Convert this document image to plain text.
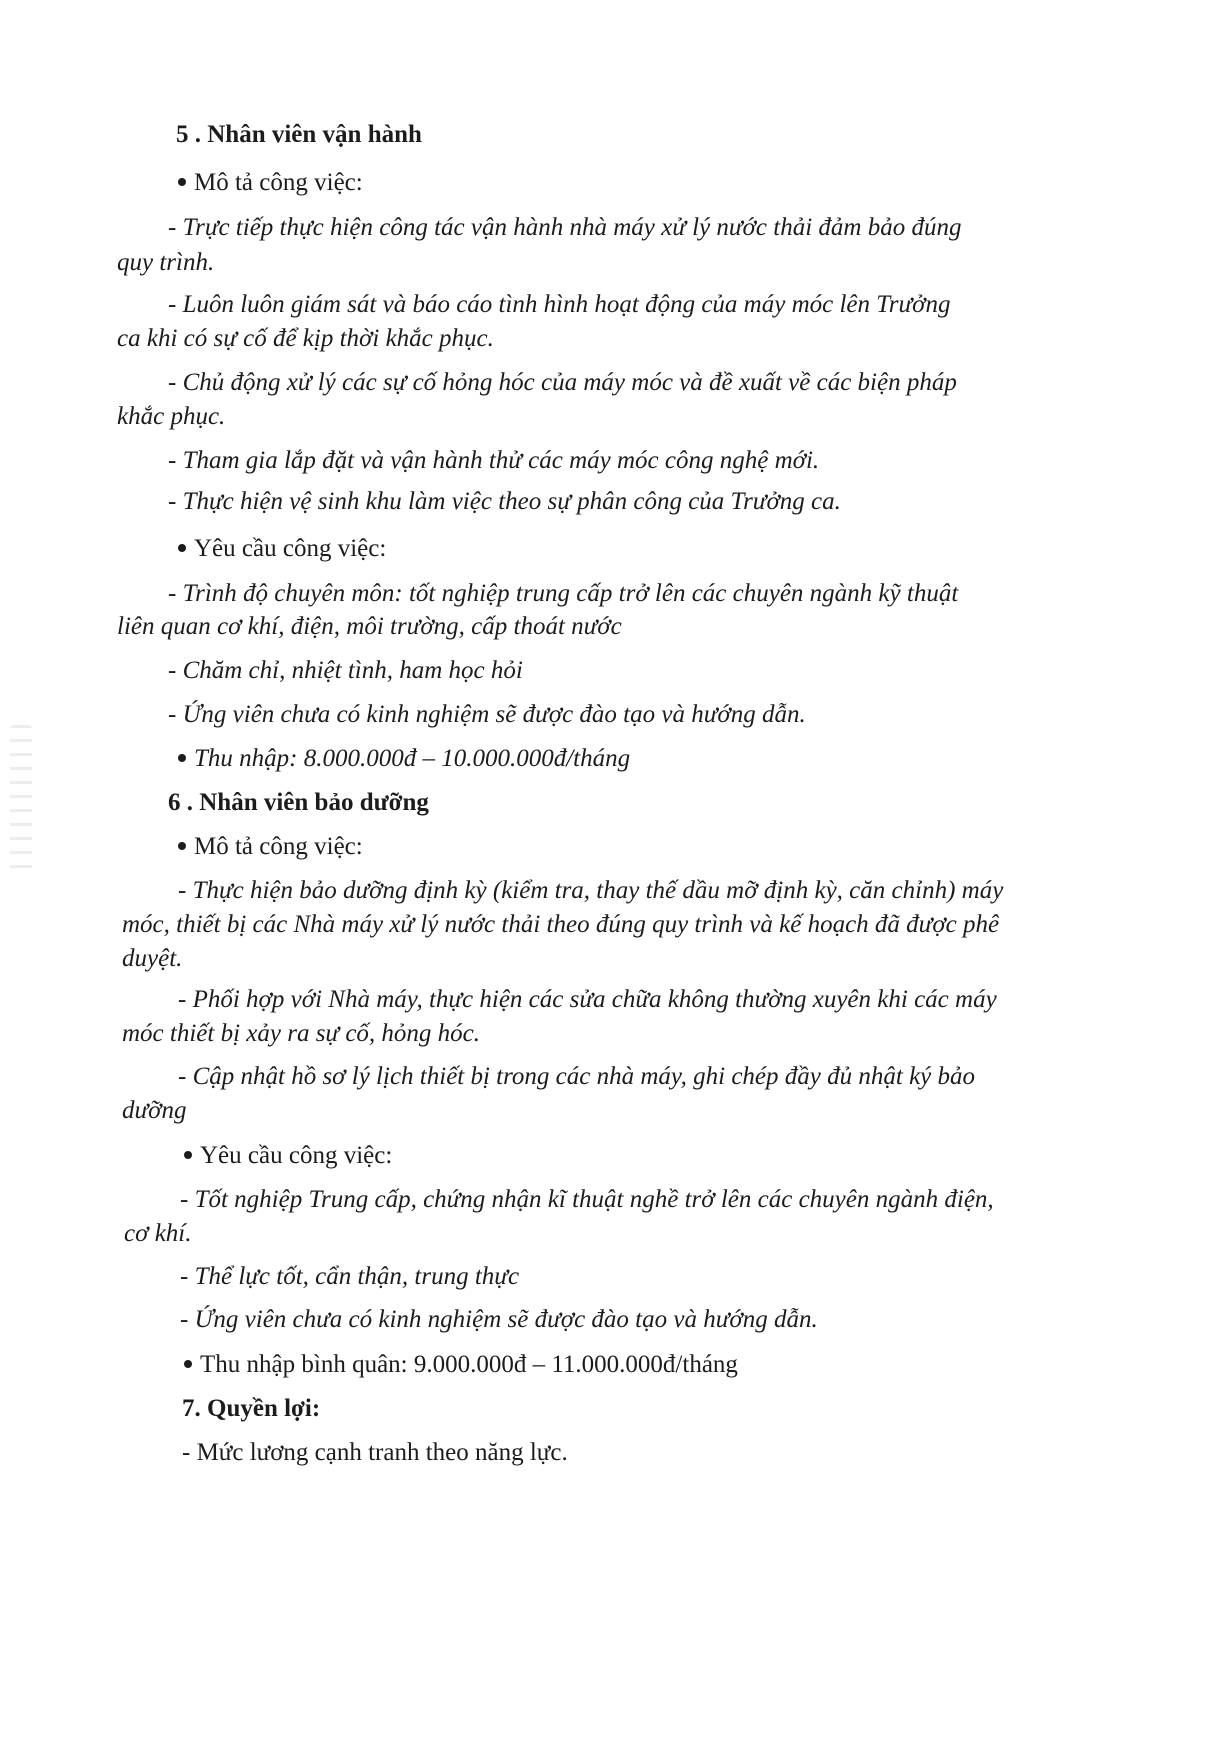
5 . Nhân viên vận hành
Mô tả công việc:
- Trực tiếp thực hiện công tác vận hành nhà máy xử lý nước thải đảm bảo đúng
quy trình.
- Luôn luôn giám sát và báo cáo tình hình hoạt động của máy móc lên Trưởng
ca khi có sự cố để kịp thời khắc phục.
- Chủ động xử lý các sự cố hỏng hóc của máy móc và đề xuất về các biện pháp
khắc phục.
- Tham gia lắp đặt và vận hành thử các máy móc công nghệ mới.
- Thực hiện vệ sinh khu làm việc theo sự phân công của Trưởng ca.
Yêu cầu công việc:
- Trình độ chuyên môn: tốt nghiệp trung cấp trở lên các chuyên ngành kỹ thuật
liên quan cơ khí, điện, môi trường, cấp thoát nước
- Chăm chỉ, nhiệt tình, ham học hỏi
- Ứng viên chưa có kinh nghiệm sẽ được đào tạo và hướng dẫn.
Thu nhập: 8.000.000đ – 10.000.000đ/tháng
6 . Nhân viên bảo dưỡng
Mô tả công việc:
- Thực hiện bảo dưỡng định kỳ (kiểm tra, thay thế dầu mỡ định kỳ, căn chỉnh) máy
móc, thiết bị các Nhà máy xử lý nước thải theo đúng quy trình và kế hoạch đã được phê
duyệt.
- Phối hợp với Nhà máy, thực hiện các sửa chữa không thường xuyên khi các máy
móc thiết bị xảy ra sự cố, hỏng hóc.
- Cập nhật hồ sơ lý lịch thiết bị trong các nhà máy, ghi chép đầy đủ nhật ký bảo
dưỡng
Yêu cầu công việc:
- Tốt nghiệp Trung cấp, chứng nhận kĩ thuật nghề trở lên các chuyên ngành điện,
cơ khí.
- Thể lực tốt, cẩn thận, trung thực
- Ứng viên chưa có kinh nghiệm sẽ được đào tạo và hướng dẫn.
Thu nhập bình quân: 9.000.000đ – 11.000.000đ/tháng
7. Quyền lợi:
- Mức lương cạnh tranh theo năng lực.
